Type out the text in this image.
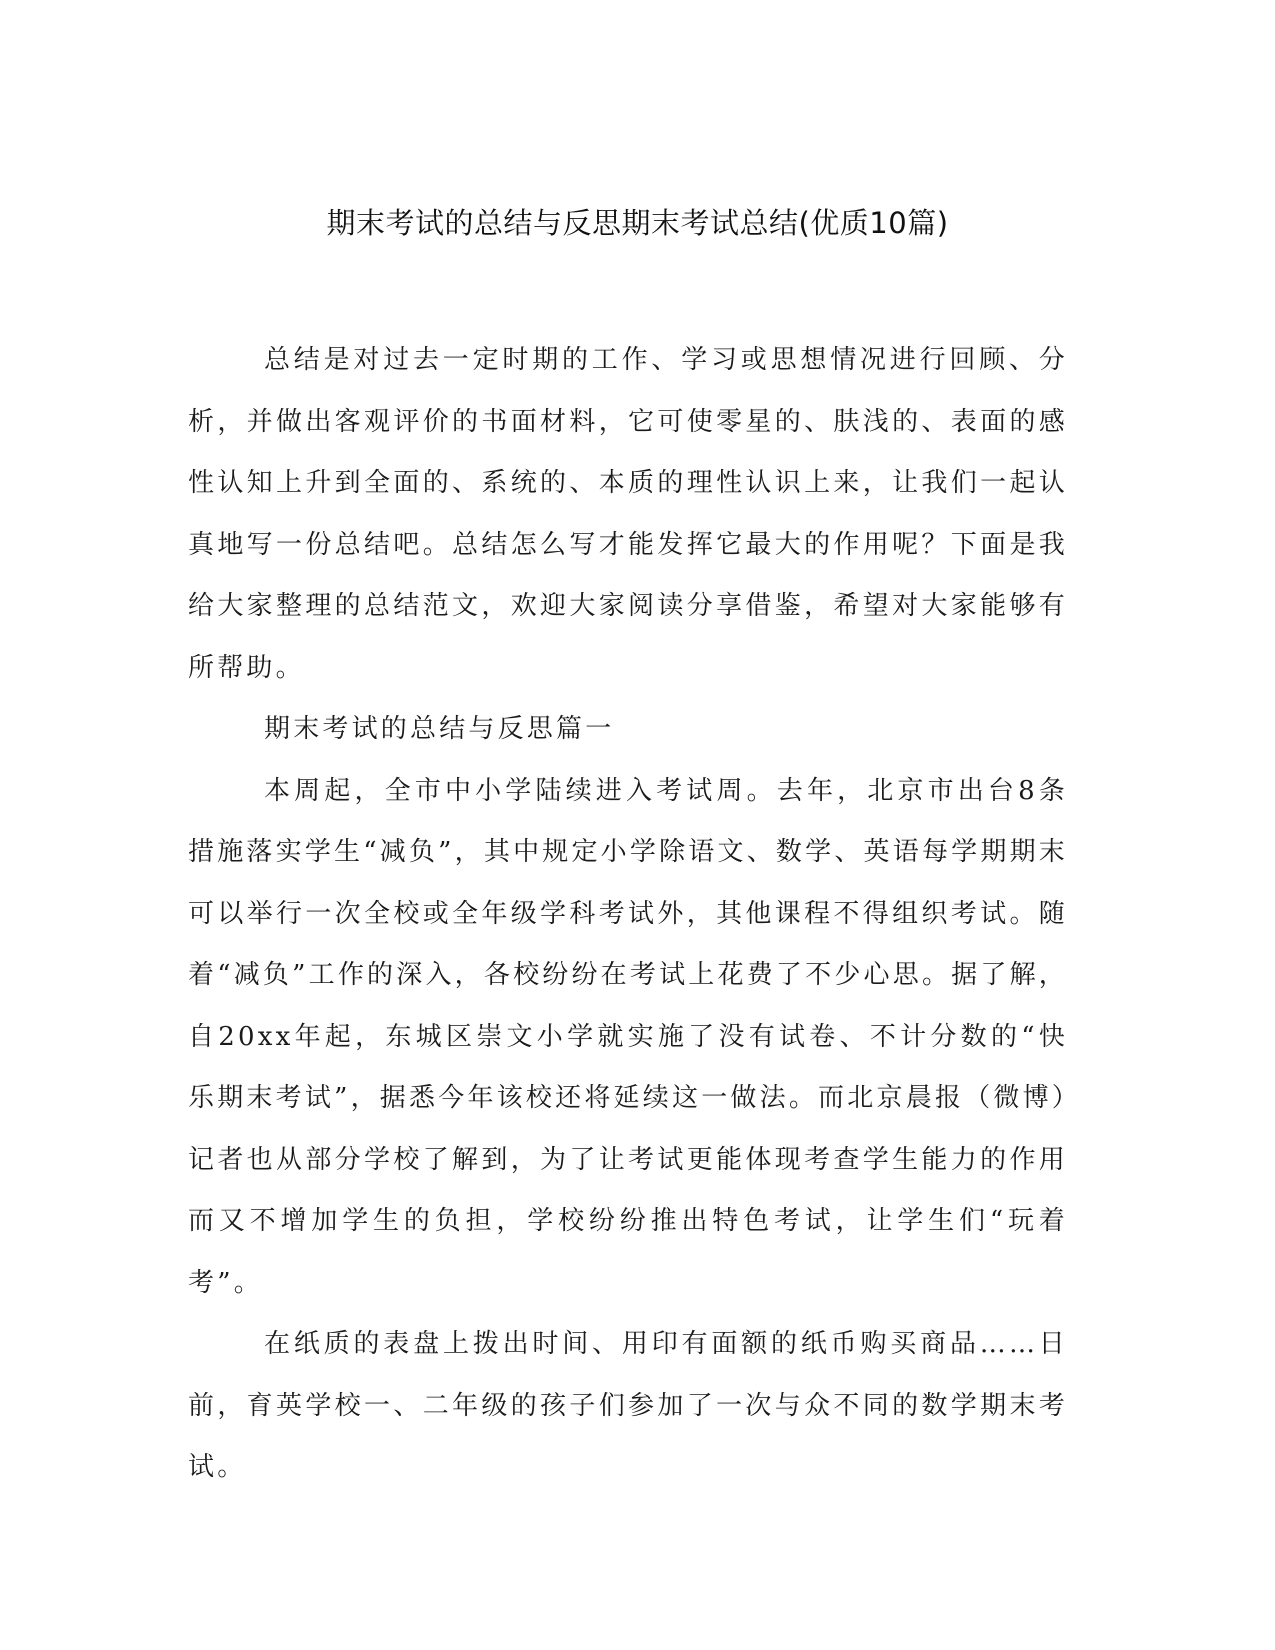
期末考试的总结与反思期末考试总结(优质10篇)

总结是对过去一定时期的工作、学习或思想情况进行回顾、分析，并做出客观评价的书面材料，它可使零星的、肤浅的、表面的感性认知上升到全面的、系统的、本质的理性认识上来，让我们一起认真地写一份总结吧。总结怎么写才能发挥它最大的作用呢？下面是我给大家整理的总结范文，欢迎大家阅读分享借鉴，希望对大家能够有所帮助。

期末考试的总结与反思篇一

本周起，全市中小学陆续进入考试周。去年，北京市出台8条措施落实学生“减负”，其中规定小学除语文、数学、英语每学期期末可以举行一次全校或全年级学科考试外，其他课程不得组织考试。随着“减负”工作的深入，各校纷纷在考试上花费了不少心思。据了解，自20xx年起，东城区崇文小学就实施了没有试卷、不计分数的“快乐期末考试”，据悉今年该校还将延续这一做法。而北京晨报（微博）记者也从部分学校了解到，为了让考试更能体现考查学生能力的作用而又不增加学生的负担，学校纷纷推出特色考试，让学生们“玩着考”。

在纸质的表盘上拨出时间、用印有面额的纸币购买商品……日前，育英学校一、二年级的孩子们参加了一次与众不同的数学期末考试。
